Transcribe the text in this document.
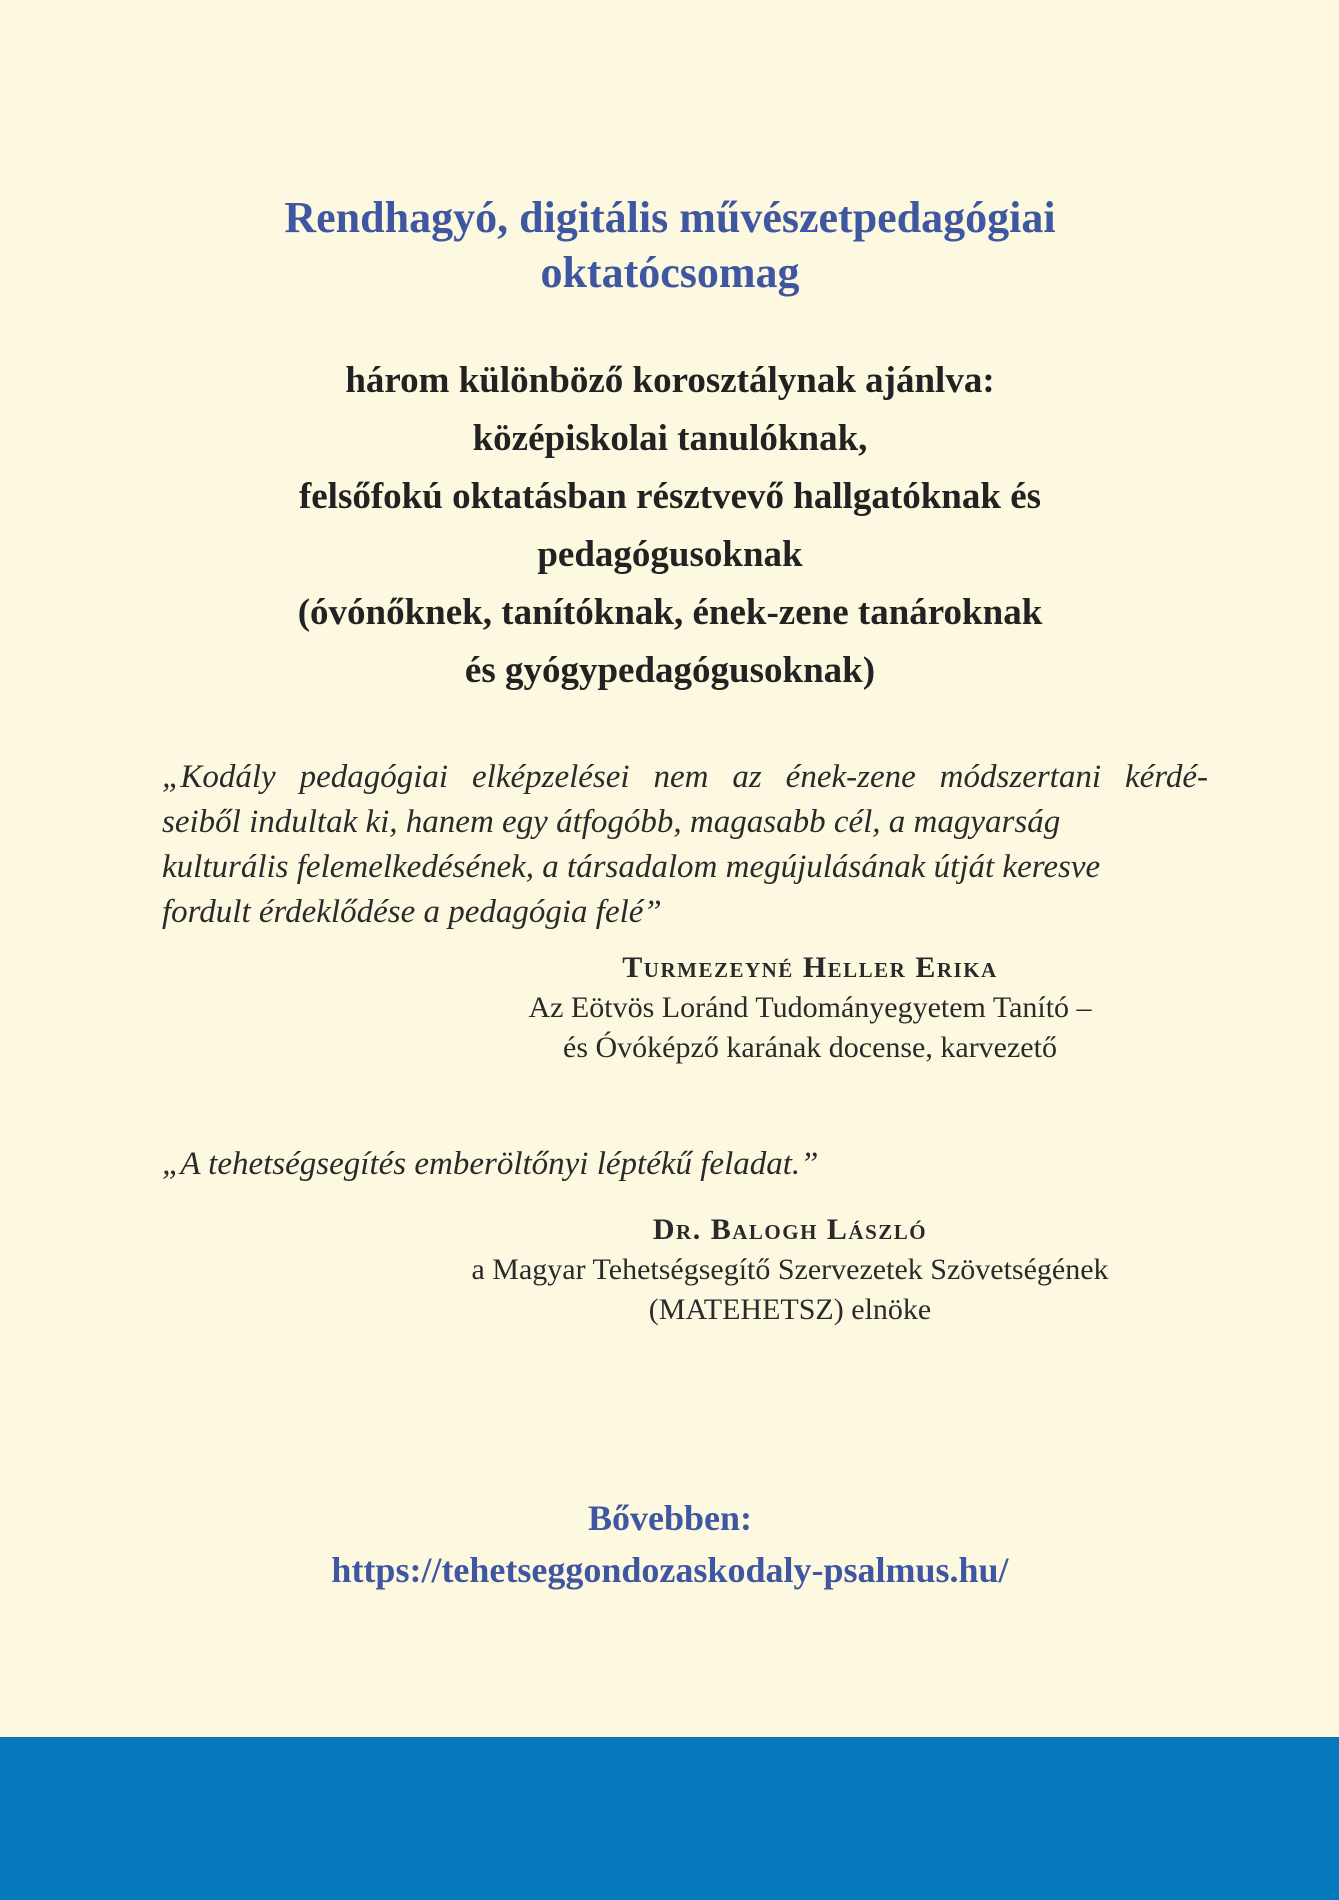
Rendhagyó, digitális művészetpedagógiai
oktatócsomag
három különböző korosztálynak ajánlva:
középiskolai tanulóknak,
felsőfokú oktatásban résztvevő hallgatóknak és
pedagógusoknak
(óvónőknek, tanítóknak, ének-zene tanároknak
és gyógypedagógusoknak)
„Kodály pedagógiai elképzelései nem az ének-zene módszertani kérdé-
seiből indultak ki, hanem egy átfogóbb, magasabb cél, a magyarság
kulturális felemelkedésének, a társadalom megújulásának útját keresve
fordult érdeklődése a pedagógia felé”
Turmezeyné Heller Erika
Az Eötvös Loránd Tudományegyetem Tanító –
és Óvóképző karának docense, karvezető
„A tehetségsegítés emberöltőnyi léptékű feladat.”
Dr. Balogh László
a Magyar Tehetségsegítő Szervezetek Szövetségének
(MATEHETSZ) elnöke
Bővebben:
https://tehetseggondozaskodaly-psalmus.hu/
